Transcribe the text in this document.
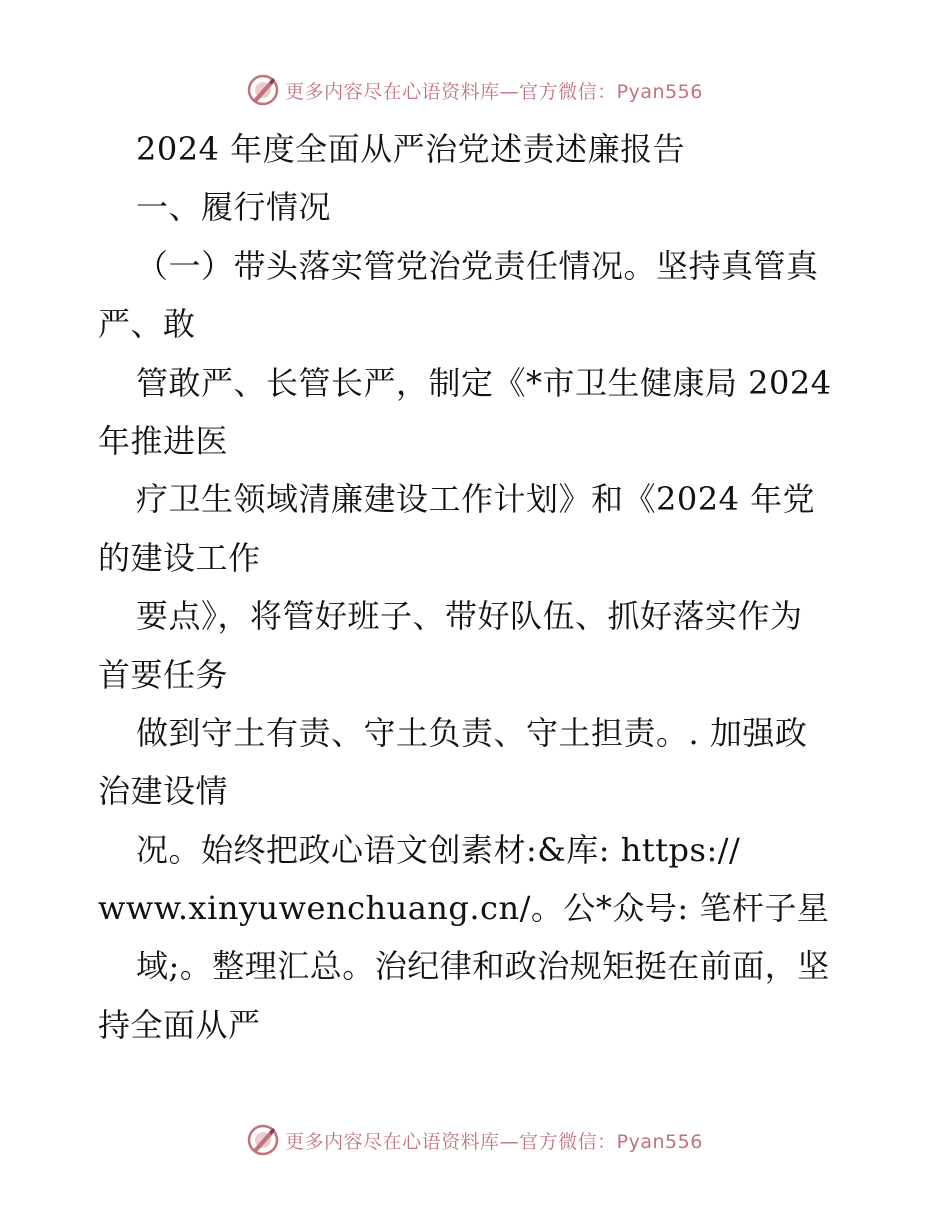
更多内容尽在心语资料库—官方微信：Pyan556
2024 年度全面从严治党述责述廉报告
一、履行情况
（一）带头落实管党治党责任情况。坚持真管真
严、敢
管敢严、长管长严，制定《*市卫生健康局 2024
年推进医
疗卫生领域清廉建设工作计划》和《2024 年党
的建设工作
要点》，将管好班子、带好队伍、抓好落实作为
首要任务
做到守土有责、守土负责、守土担责。. 加强政
治建设情
况。始终把政心语文创素材:&库: https://
www.xinyuwenchuang.cn/。公*众号: 笔杆子星
域;。整理汇总。治纪律和政治规矩挺在前面，坚
持全面从严
更多内容尽在心语资料库—官方微信：Pyan556
